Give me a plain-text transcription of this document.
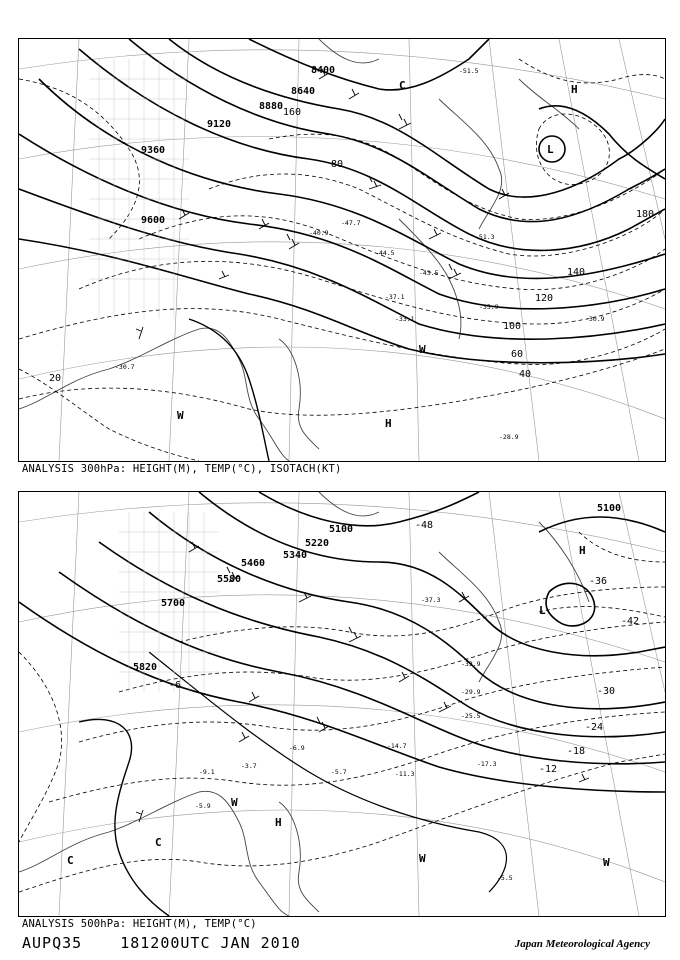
8400
8640
8880
9120
9360
9600
20	40
60
80
100
120
140
160
180
-51.5
-47.7
-44.5
-40.9
-37.1
-33.1
-35.9
-30.9
-28.9
-30.7
-51.3
-43.5
H
H
L
W
W
C
ANALYSIS 300hPa: HEIGHT(M), TEMP(°C), ISOTACH(KT)
5100
5220
5340
5460
5580
5700
5820
5100
-48
-42
-36
-30
-24
-18
-12
-6
-37.3
-33.9
-29.9
-25.5
-17.3
-11.3
-14.7
-5.7
-6.9
-3.7
-5.9
-5.5
-9.1
H
H
L
W
W	W
C
C
ANALYSIS 500hPa: HEIGHT(M), TEMP(°C)
AUPQ35	181200UTC JAN 2010	Japan Meteorological Agency
